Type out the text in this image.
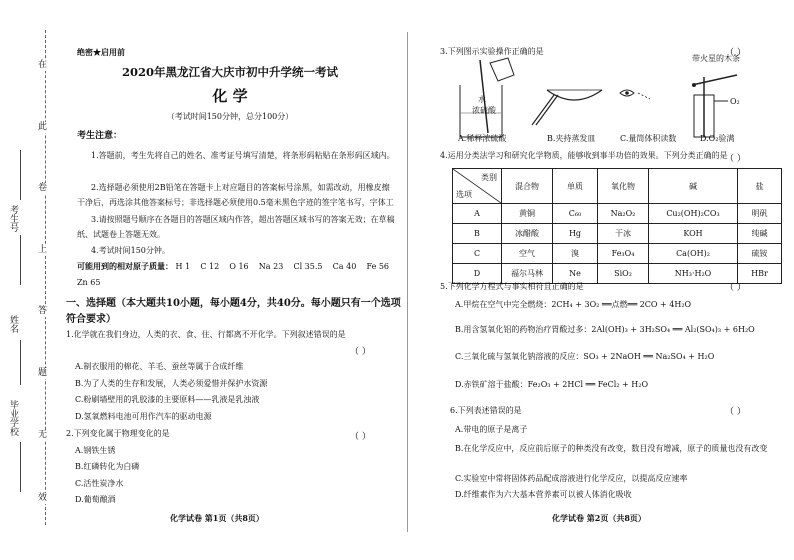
在
此
卷
上
答
题
无
效
考生号
姓名
毕业学校
绝密★启用前
2020年黑龙江省大庆市初中升学统一考试
化 学
（考试时间150分钟，总分100分）
考生注意：
1.答题前，考生先将自己的姓名、准考证号填写清楚，将条形码粘贴在条形码区域内。
2.选择题必须使用2B铅笔在答题卡上对应题目的答案标号涂黑，如需改动，用橡皮擦干净后，再选涂其他答案标号；非选择题必须使用0.5毫米黑色字迹的签字笔书写，字体工
3.请按照题号顺序在各题目的答题区域内作答，超出答题区域书写的答案无效；在草稿纸、试题卷上答题无效。
4.考试时间150分钟。
可能用到的相对原子质量： H 1    C 12    O 16    Na 23    Cl 35.5    Ca 40    Fe 56
Zn 65
一、选择题（本大题共10小题，每小题4分，共40分。每小题只有一个选项符合要求）
1.化学就在我们身边，人类的衣、食、住、行都离不开化学。下列叙述错误的是
（ ）
A.制衣服用的棉花、羊毛、蚕丝等属于合成纤维
B.为了人类的生存和发展，人类必须爱惜并保护水资源
C.粉刷墙壁用的乳胶漆的主要原料——乳液是乳浊液
D.氢氧燃料电池可用作汽车的驱动电源
2.下列变化属于物理变化的是	（ ）
A.钢铁生锈
B.红磷转化为白磷
C.活性炭净水
D.葡萄酿酒
化学试卷 第1页（共8页）
3.下列图示实验操作正确的是	（ ）
水
浓硫酸
带火星的木条
O₂
A.稀释浓硫酸	B.夹持蒸发皿	C.量筒体积读数	D.O₂验满
4.运用分类法学习和研究化学物质，能够收到事半功倍的效果。下列分类正确的是
（ ）
类别
选项	混合物	单质	氧化物	碱	盐
A	黄铜	C₆₀	Na₂O₂	Cu₂(OH)₂CO₃	明矾
B	冰醋酸	Hg	干冰	KOH	纯碱
C	空气	溴	Fe₃O₄	Ca(OH)₂	硫铵
D	福尔马林	Ne	SiO₂	NH₃·H₂O	HBr
5.下列化学方程式与事实相符且正确的是	（ ）
A.甲烷在空气中完全燃烧：2CH₄ + 3O₂ ══点燃══ 2CO + 4H₂O
B.用含氢氧化铝的药物治疗胃酸过多：2Al(OH)₃ + 3H₂SO₄ ══ Al₂(SO₄)₃ + 6H₂O
C.三氧化硫与氢氧化钠溶液的反应：SO₃ + 2NaOH ══ Na₂SO₄ + H₂O
D.赤铁矿溶于盐酸：Fe₂O₃ + 2HCl ══ FeCl₂ + H₂O
6.下列表述错误的是	（ ）
A.带电的原子是离子
B.在化学反应中，反应前后原子的种类没有改变，数目没有增减，原子的质量也没有改变
C.实验室中常将固体药品配成溶液进行化学反应，以提高反应速率
D.纤维素作为六大基本营养素可以被人体消化吸收
化学试卷 第2页（共8页）
